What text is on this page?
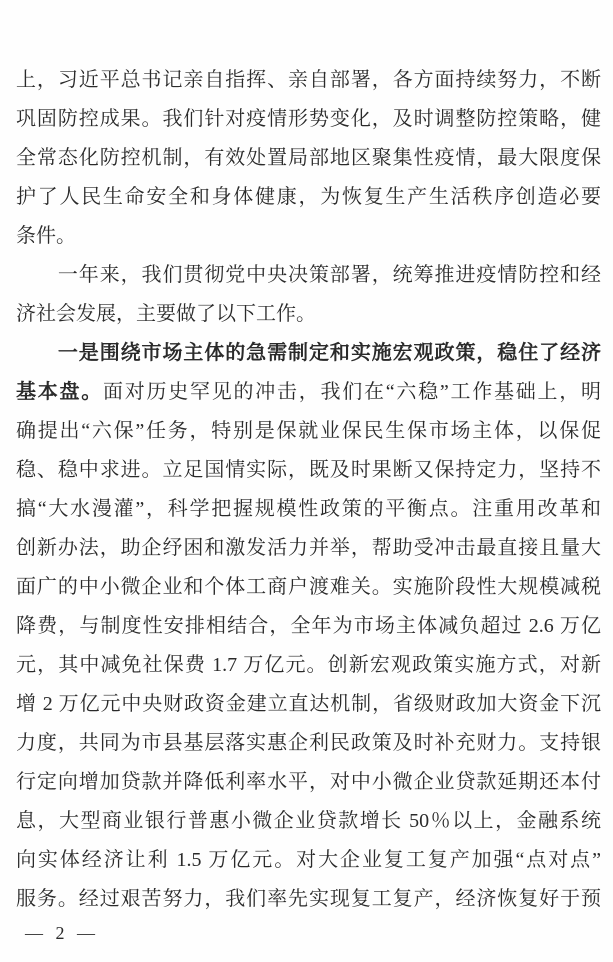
上，习近平总书记亲自指挥、亲自部署，各方面持续努力，不断
巩固防控成果。我们针对疫情形势变化，及时调整防控策略，健
全常态化防控机制，有效处置局部地区聚集性疫情，最大限度保
护了人民生命安全和身体健康，为恢复生产生活秩序创造必要
条件。
　　一年来，我们贯彻党中央决策部署，统筹推进疫情防控和经
济社会发展，主要做了以下工作。
　　一是围绕市场主体的急需制定和实施宏观政策，稳住了经济
基本盘。面对历史罕见的冲击，我们在“六稳”工作基础上，明
确提出“六保”任务，特别是保就业保民生保市场主体，以保促
稳、稳中求进。立足国情实际，既及时果断又保持定力，坚持不
搞“大水漫灌”，科学把握规模性政策的平衡点。注重用改革和
创新办法，助企纾困和激发活力并举，帮助受冲击最直接且量大
面广的中小微企业和个体工商户渡难关。实施阶段性大规模减税
降费，与制度性安排相结合，全年为市场主体减负超过 2.6 万亿
元，其中减免社保费 1.7 万亿元。创新宏观政策实施方式，对新
增 2 万亿元中央财政资金建立直达机制，省级财政加大资金下沉
力度，共同为市县基层落实惠企利民政策及时补充财力。支持银
行定向增加贷款并降低利率水平，对中小微企业贷款延期还本付
息，大型商业银行普惠小微企业贷款增长 50％以上，金融系统
向实体经济让利 1.5 万亿元。对大企业复工复产加强“点对点”
服务。经过艰苦努力，我们率先实现复工复产，经济恢复好于预
— 2 —
